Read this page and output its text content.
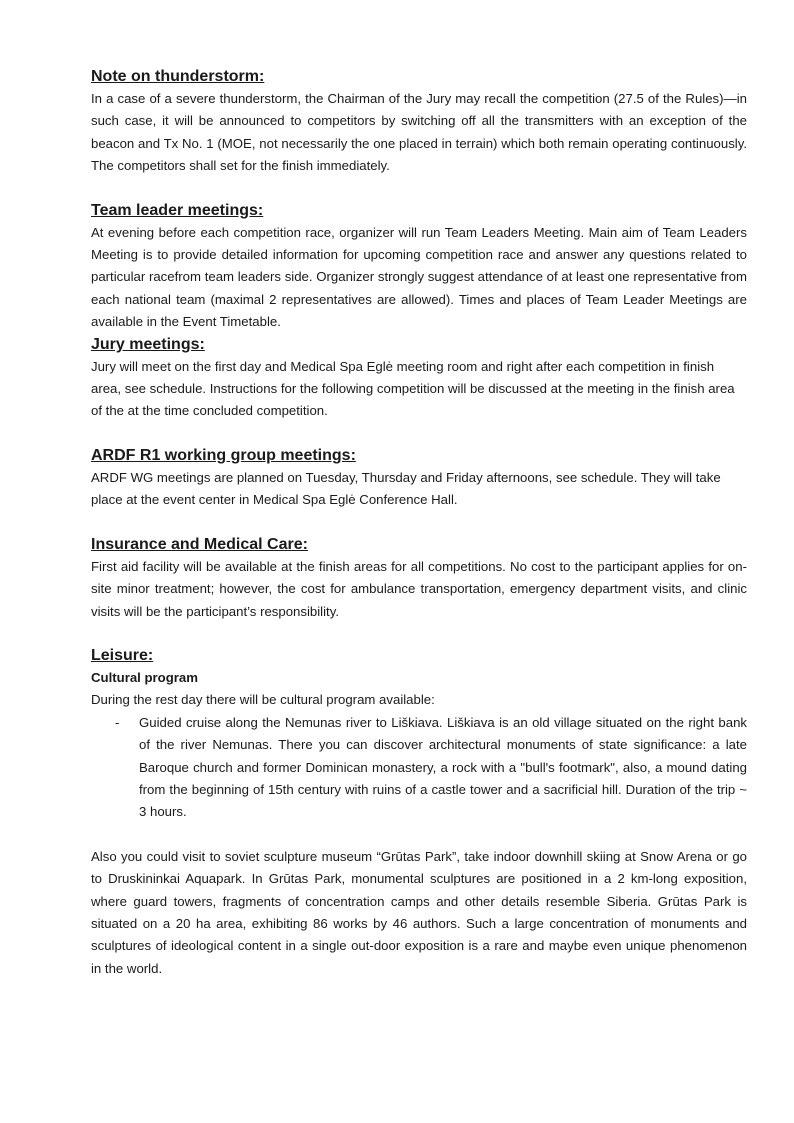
Note on thunderstorm:

In a case of a severe thunderstorm, the Chairman of the Jury may recall the competition (27.5 of the Rules)—in such case, it will be announced to competitors by switching off all the transmitters with an exception of the beacon and Tx No. 1 (MOE, not necessarily the one placed in terrain) which both remain operating continuously. The competitors shall set for the finish immediately.

Team leader meetings:

At evening before each competition race, organizer will run Team Leaders Meeting. Main aim of Team Leaders Meeting is to provide detailed information for upcoming competition race and answer any questions related to particular racefrom team leaders side. Organizer strongly suggest attendance of at least one representative from each national team (maximal 2 representatives are allowed). Times and places of Team Leader Meetings are available in the Event Timetable.

Jury meetings:

Jury will meet on the first day and Medical Spa Eglė meeting room and right after each competition in finish area, see schedule. Instructions for the following competition will be discussed at the meeting in the finish area of the at the time concluded competition.

ARDF R1 working group meetings:

ARDF WG meetings are planned on Tuesday, Thursday and Friday afternoons, see schedule. They will take place at the event center in Medical Spa Eglė Conference Hall.

Insurance and Medical Care:

First aid facility will be available at the finish areas for all competitions. No cost to the participant applies for on-site minor treatment; however, the cost for ambulance transportation, emergency department visits, and clinic visits will be the participant’s responsibility.

Leisure:

Cultural program

During the rest day there will be cultural program available:

- Guided cruise along the Nemunas river to Liškiava. Liškiava is an old village situated on the right bank of the river Nemunas. There you can discover architectural monuments of state significance: a late Baroque church and former Dominican monastery, a rock with a "bull's footmark", also, a mound dating from the beginning of 15th century with ruins of a castle tower and a sacrificial hill. Duration of the trip ~ 3 hours.

Also you could visit to soviet sculpture museum “Grūtas Park”, take indoor downhill skiing at Snow Arena or go to Druskininkai Aquapark. In Grūtas Park, monumental sculptures are positioned in a 2 km-long exposition, where guard towers, fragments of concentration camps and other details resemble Siberia. Grūtas Park is situated on a 20 ha area, exhibiting 86 works by 46 authors. Such a large concentration of monuments and sculptures of ideological content in a single out-door exposition is a rare and maybe even unique phenomenon in the world.
